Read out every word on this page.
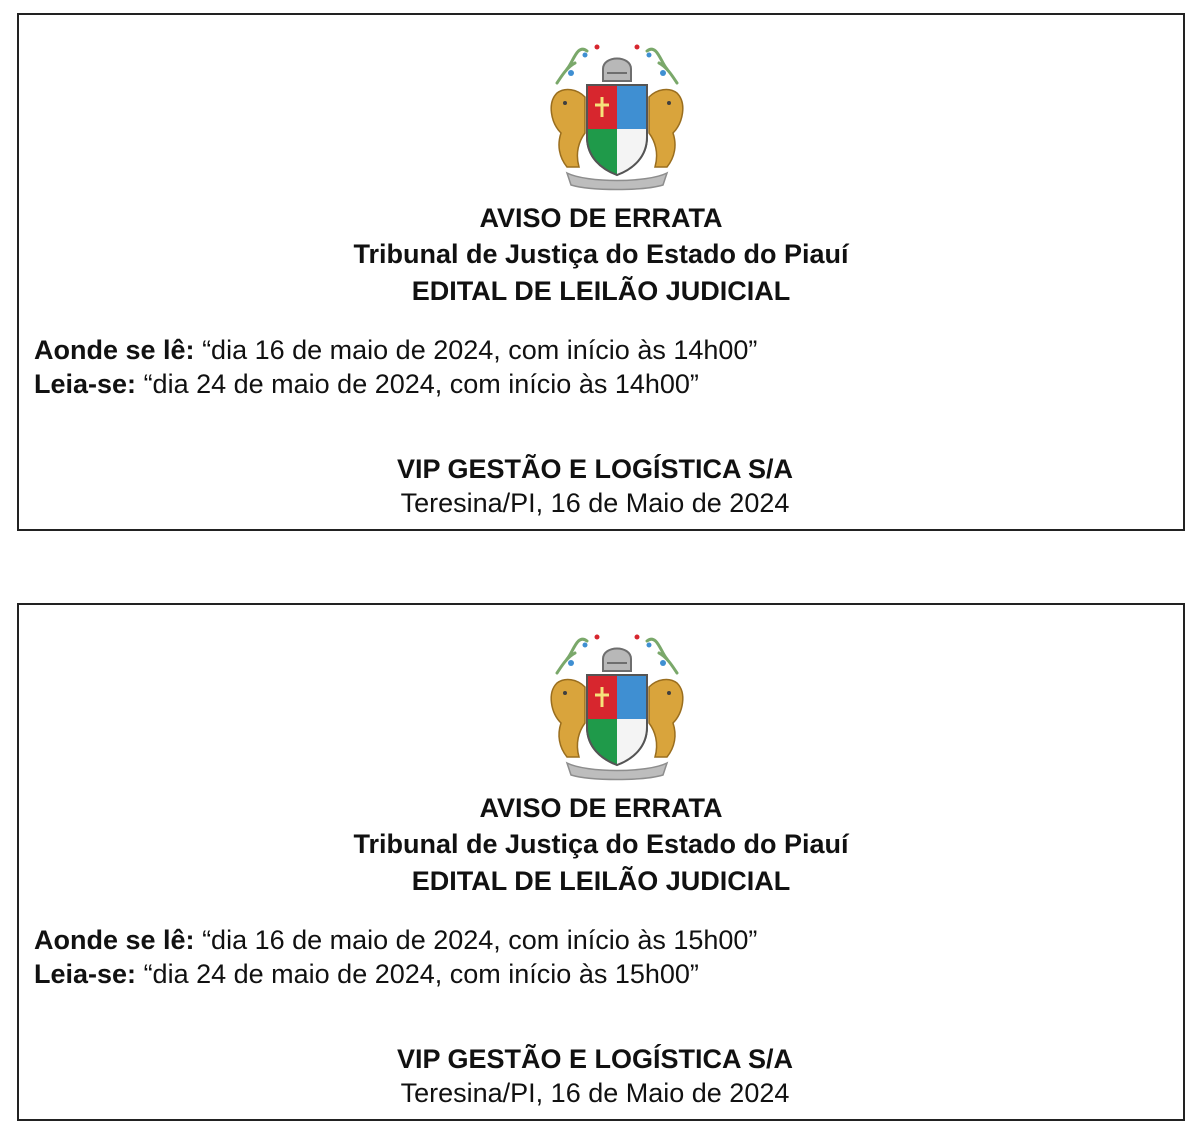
AVISO DE ERRATA
Tribunal de Justiça do Estado do Piauí
EDITAL DE LEILÃO JUDICIAL
Aonde se lê: “dia 16 de maio de 2024, com início às 14h00”
Leia-se: “dia 24 de maio de 2024, com início às 14h00”
VIP GESTÃO E LOGÍSTICA S/A
Teresina/PI, 16 de Maio de 2024
AVISO DE ERRATA
Tribunal de Justiça do Estado do Piauí
EDITAL DE LEILÃO JUDICIAL
Aonde se lê: “dia 16 de maio de 2024, com início às 15h00”
Leia-se: “dia 24 de maio de 2024, com início às 15h00”
VIP GESTÃO E LOGÍSTICA S/A
Teresina/PI, 16 de Maio de 2024
